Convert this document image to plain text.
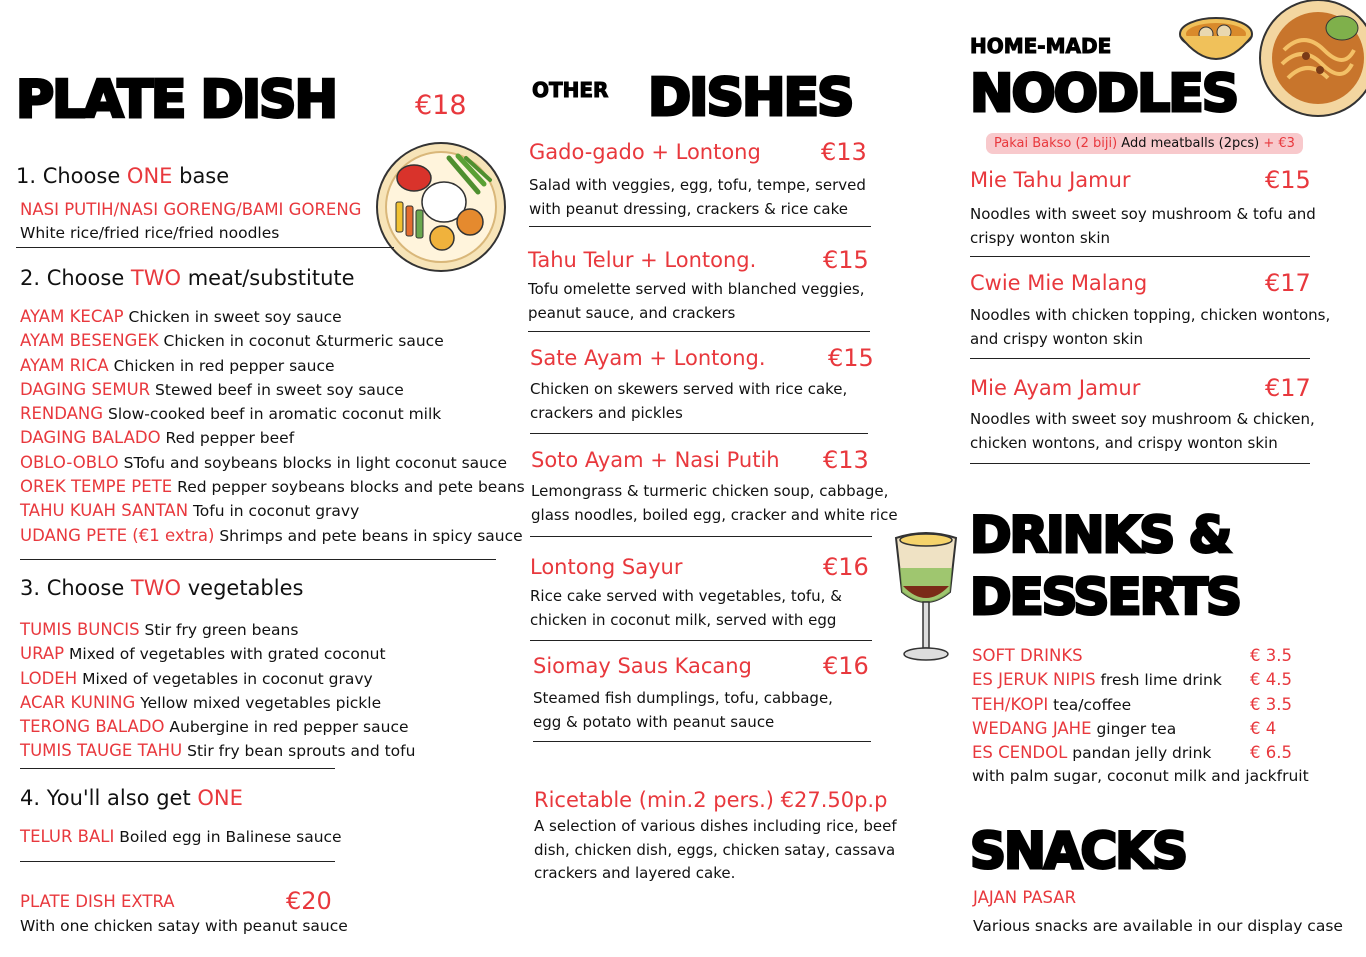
PLATE DISH	€18
1. Choose ONE base
NASI PUTIH/NASI GORENG/BAMI GORENG
White rice/fried rice/fried noodles
2. Choose TWO meat/substitute
AYAM KECAP Chicken in sweet soy sauce
AYAM BESENGEK Chicken in coconut &turmeric sauce
AYAM RICA Chicken in red pepper sauce
DAGING SEMUR Stewed beef in sweet soy sauce
RENDANG Slow-cooked beef in aromatic coconut milk
DAGING BALADO Red pepper beef
OBLO-OBLO STofu and soybeans blocks in light coconut sauce
OREK TEMPE PETE Red pepper soybeans blocks and pete beans
TAHU KUAH SANTAN Tofu in coconut gravy
UDANG PETE (€1 extra) Shrimps and pete beans in spicy sauce
3. Choose TWO vegetables
TUMIS BUNCIS Stir fry green beans
URAP Mixed of vegetables with grated coconut
LODEH Mixed of vegetables in coconut gravy
ACAR KUNING Yellow mixed vegetables pickle
TERONG BALADO Aubergine in red pepper sauce
TUMIS TAUGE TAHU Stir fry bean sprouts and tofu
4. You'll also get ONE
TELUR BALI Boiled egg in Balinese sauce
PLATE DISH EXTRA	€20
With one chicken satay with peanut sauce
OTHER DISHES
Gado-gado + Lontong	€13
Salad with veggies, egg, tofu, tempe, served with peanut dressing, crackers & rice cake
Tahu Telur + Lontong.	€15
Tofu omelette served with blanched veggies, peanut sauce, and crackers
Sate Ayam + Lontong.	€15
Chicken on skewers served with rice cake, crackers and pickles
Soto Ayam + Nasi Putih €13
Lemongrass & turmeric chicken soup, cabbage, glass noodles, boiled egg, cracker and white rice
Lontong Sayur	€16
Rice cake served with vegetables, tofu, & chicken in coconut milk, served with egg
Siomay Saus Kacang	€16
Steamed fish dumplings, tofu, cabbage, egg & potato with peanut sauce
Ricetable (min.2 pers.) €27.50p.p
A selection of various dishes including rice, beef dish, chicken dish, eggs, chicken satay, cassava crackers and layered cake.
HOME-MADE
NOODLES
Pakai Bakso (2 biji) Add meatballs (2pcs) + €3
Mie Tahu Jamur	€15
Noodles with sweet soy mushroom & tofu and crispy wonton skin
Cwie Mie Malang	€17
Noodles with chicken topping, chicken wontons, and crispy wonton skin
Mie Ayam Jamur	€17
Noodles with sweet soy mushroom & chicken, chicken wontons, and crispy wonton skin
DRINKS &
DESSERTS
SOFT DRINKS	€ 3.5
ES JERUK NIPIS fresh lime drink € 4.5
TEH/KOPI tea/coffee	€ 3.5
WEDANG JAHE ginger tea	€ 4
ES CENDOL pandan jelly drink € 6.5
with palm sugar, coconut milk and jackfruit
SNACKS
JAJAN PASAR
Various snacks are available in our display case
